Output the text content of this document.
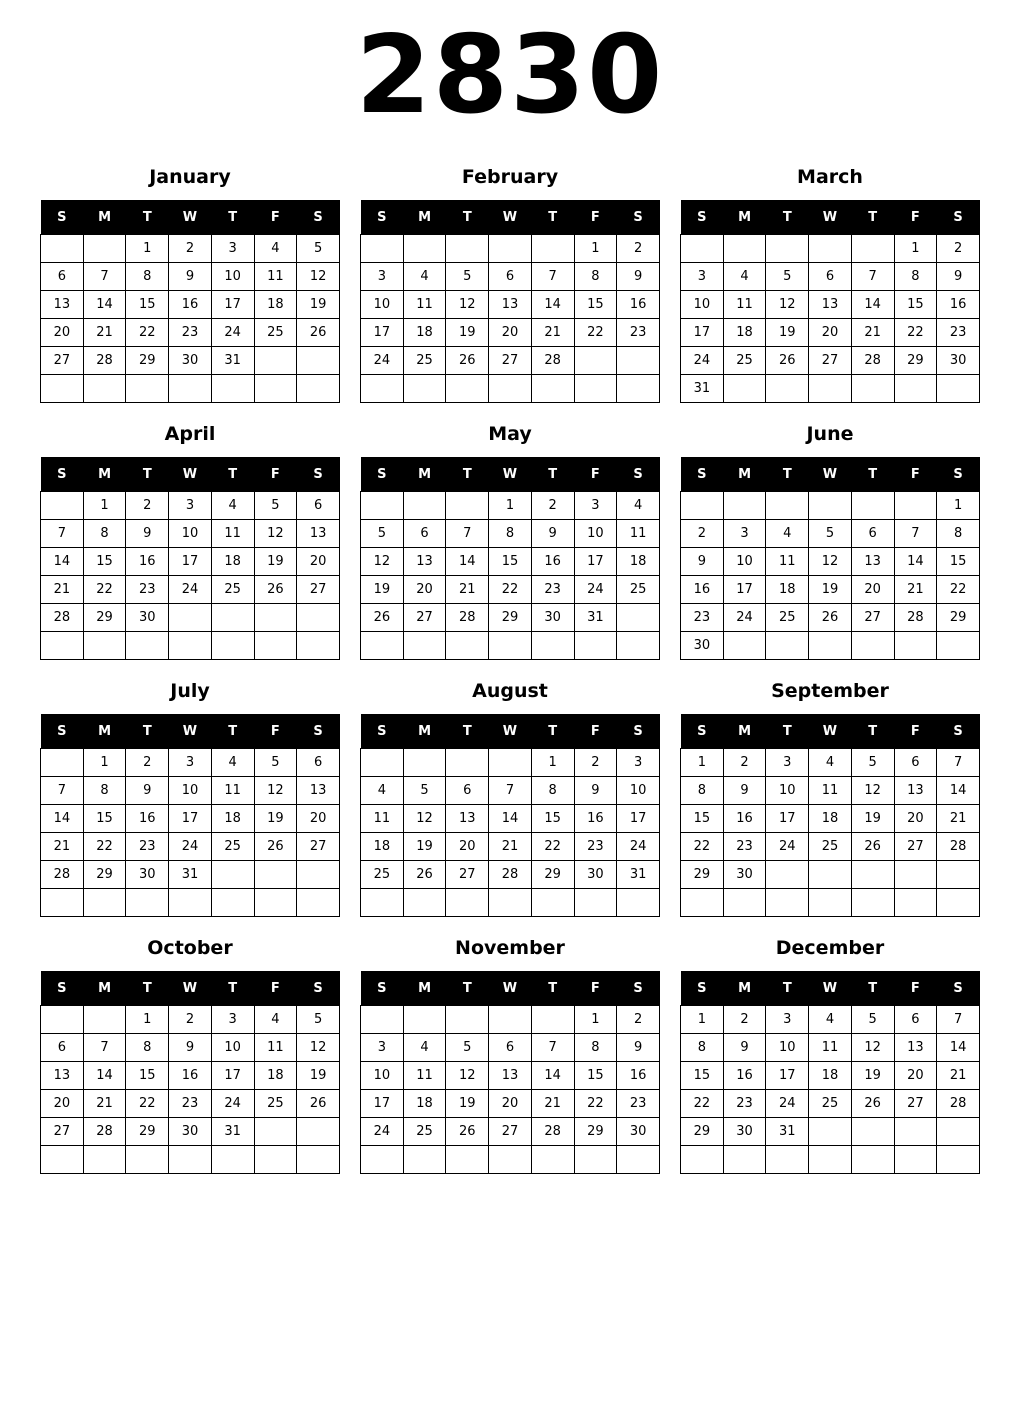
2830
January
S	M	T	W	T	F	S
		1	2	3	4	5
6	7	8	9	10	11	12
13	14	15	16	17	18	19
20	21	22	23	24	25	26
27	28	29	30	31		

February
S	M	T	W	T	F	S
					1	2
3	4	5	6	7	8	9
10	11	12	13	14	15	16
17	18	19	20	21	22	23
24	25	26	27	28		

March
S	M	T	W	T	F	S
					1	2
3	4	5	6	7	8	9
10	11	12	13	14	15	16
17	18	19	20	21	22	23
24	25	26	27	28	29	30
31						
April
S	M	T	W	T	F	S
	1	2	3	4	5	6
7	8	9	10	11	12	13
14	15	16	17	18	19	20
21	22	23	24	25	26	27
28	29	30				

May
S	M	T	W	T	F	S
			1	2	3	4
5	6	7	8	9	10	11
12	13	14	15	16	17	18
19	20	21	22	23	24	25
26	27	28	29	30	31	

June
S	M	T	W	T	F	S
						1
2	3	4	5	6	7	8
9	10	11	12	13	14	15
16	17	18	19	20	21	22
23	24	25	26	27	28	29
30						
July
S	M	T	W	T	F	S
	1	2	3	4	5	6
7	8	9	10	11	12	13
14	15	16	17	18	19	20
21	22	23	24	25	26	27
28	29	30	31			

August
S	M	T	W	T	F	S
				1	2	3
4	5	6	7	8	9	10
11	12	13	14	15	16	17
18	19	20	21	22	23	24
25	26	27	28	29	30	31

September
S	M	T	W	T	F	S
1	2	3	4	5	6	7
8	9	10	11	12	13	14
15	16	17	18	19	20	21
22	23	24	25	26	27	28
29	30					

October
S	M	T	W	T	F	S
		1	2	3	4	5
6	7	8	9	10	11	12
13	14	15	16	17	18	19
20	21	22	23	24	25	26
27	28	29	30	31		

November
S	M	T	W	T	F	S
					1	2
3	4	5	6	7	8	9
10	11	12	13	14	15	16
17	18	19	20	21	22	23
24	25	26	27	28	29	30

December
S	M	T	W	T	F	S
1	2	3	4	5	6	7
8	9	10	11	12	13	14
15	16	17	18	19	20	21
22	23	24	25	26	27	28
29	30	31				
